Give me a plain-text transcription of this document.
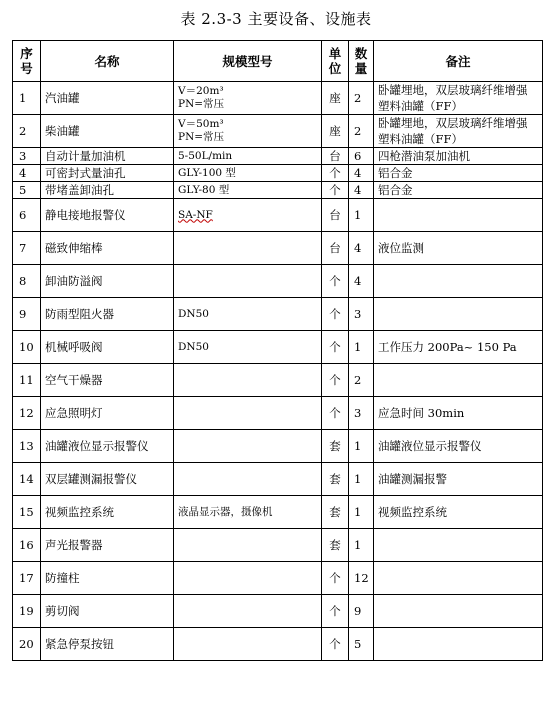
表 2.3-3 主要设备、设施表
序号	名称	规模型号	单位	数量	备注
1	汽油罐	V＝20m³
PN=常压	座	2	卧罐埋地，双层玻璃纤维增强塑料油罐（FF）
2	柴油罐	V＝50m³
PN=常压	座	2	卧罐埋地，双层玻璃纤维增强塑料油罐（FF）
3	自动计量加油机	5-50L/min	台	6	四枪潜油泵加油机
4	可密封式量油孔	GLY-100 型	个	4	铝合金
5	带堵盖卸油孔	GLY-80 型	个	4	铝合金
6	静电接地报警仪	SA-NF	台	1	
7	磁致伸缩棒		台	4	液位监测
8	卸油防溢阀		个	4	
9	防雨型阻火器	DN50	个	3	
10	机械呼吸阀	DN50	个	1	工作压力 200Pa~ 150 Pa
11	空气干燥器		个	2	
12	应急照明灯		个	3	应急时间 30min
13	油罐液位显示报警仪		套	1	油罐液位显示报警仪
14	双层罐测漏报警仪		套	1	油罐测漏报警
15	视频监控系统	液晶显示器，摄像机	套	1	视频监控系统
16	声光报警器		套	1	
17	防撞柱		个	12	
19	剪切阀		个	9	
20	紧急停泵按钮		个	5	
